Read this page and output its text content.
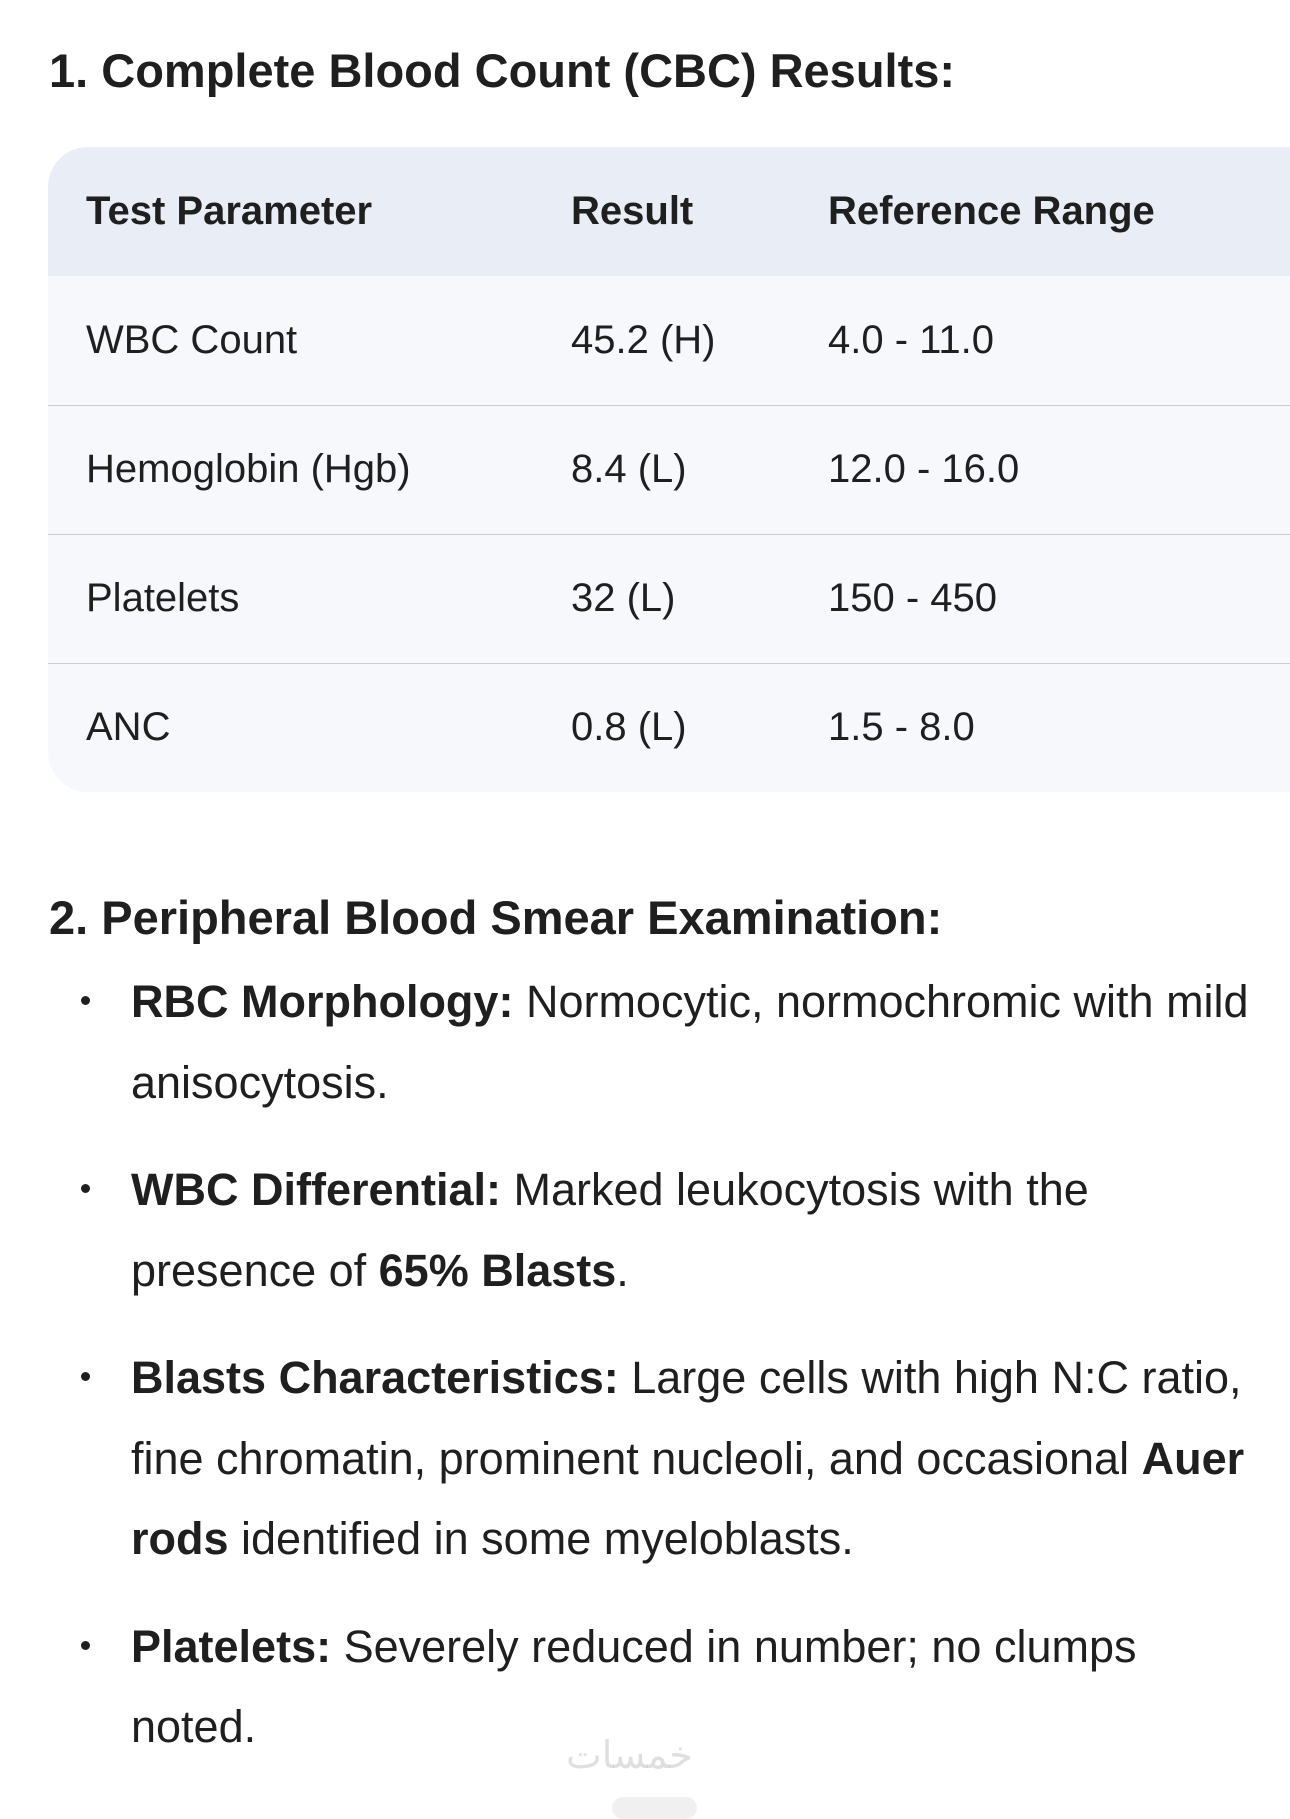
1. Complete Blood Count (CBC) Results:
Test Parameter	Result	Reference Range
WBC Count	45.2 (H)	4.0 - 11.0
Hemoglobin (Hgb)	8.4 (L)	12.0 - 16.0
Platelets	32 (L)	150 - 450
ANC	0.8 (L)	1.5 - 8.0
2. Peripheral Blood Smear Examination:
RBC Morphology: Normocytic, normochromic with mild anisocytosis.
WBC Differential: Marked leukocytosis with the presence of 65% Blasts.
Blasts Characteristics: Large cells with high N:C ratio, fine chromatin, prominent nucleoli, and occasional Auer rods identified in some myeloblasts.
Platelets: Severely reduced in number; no clumps noted.
خمسات
